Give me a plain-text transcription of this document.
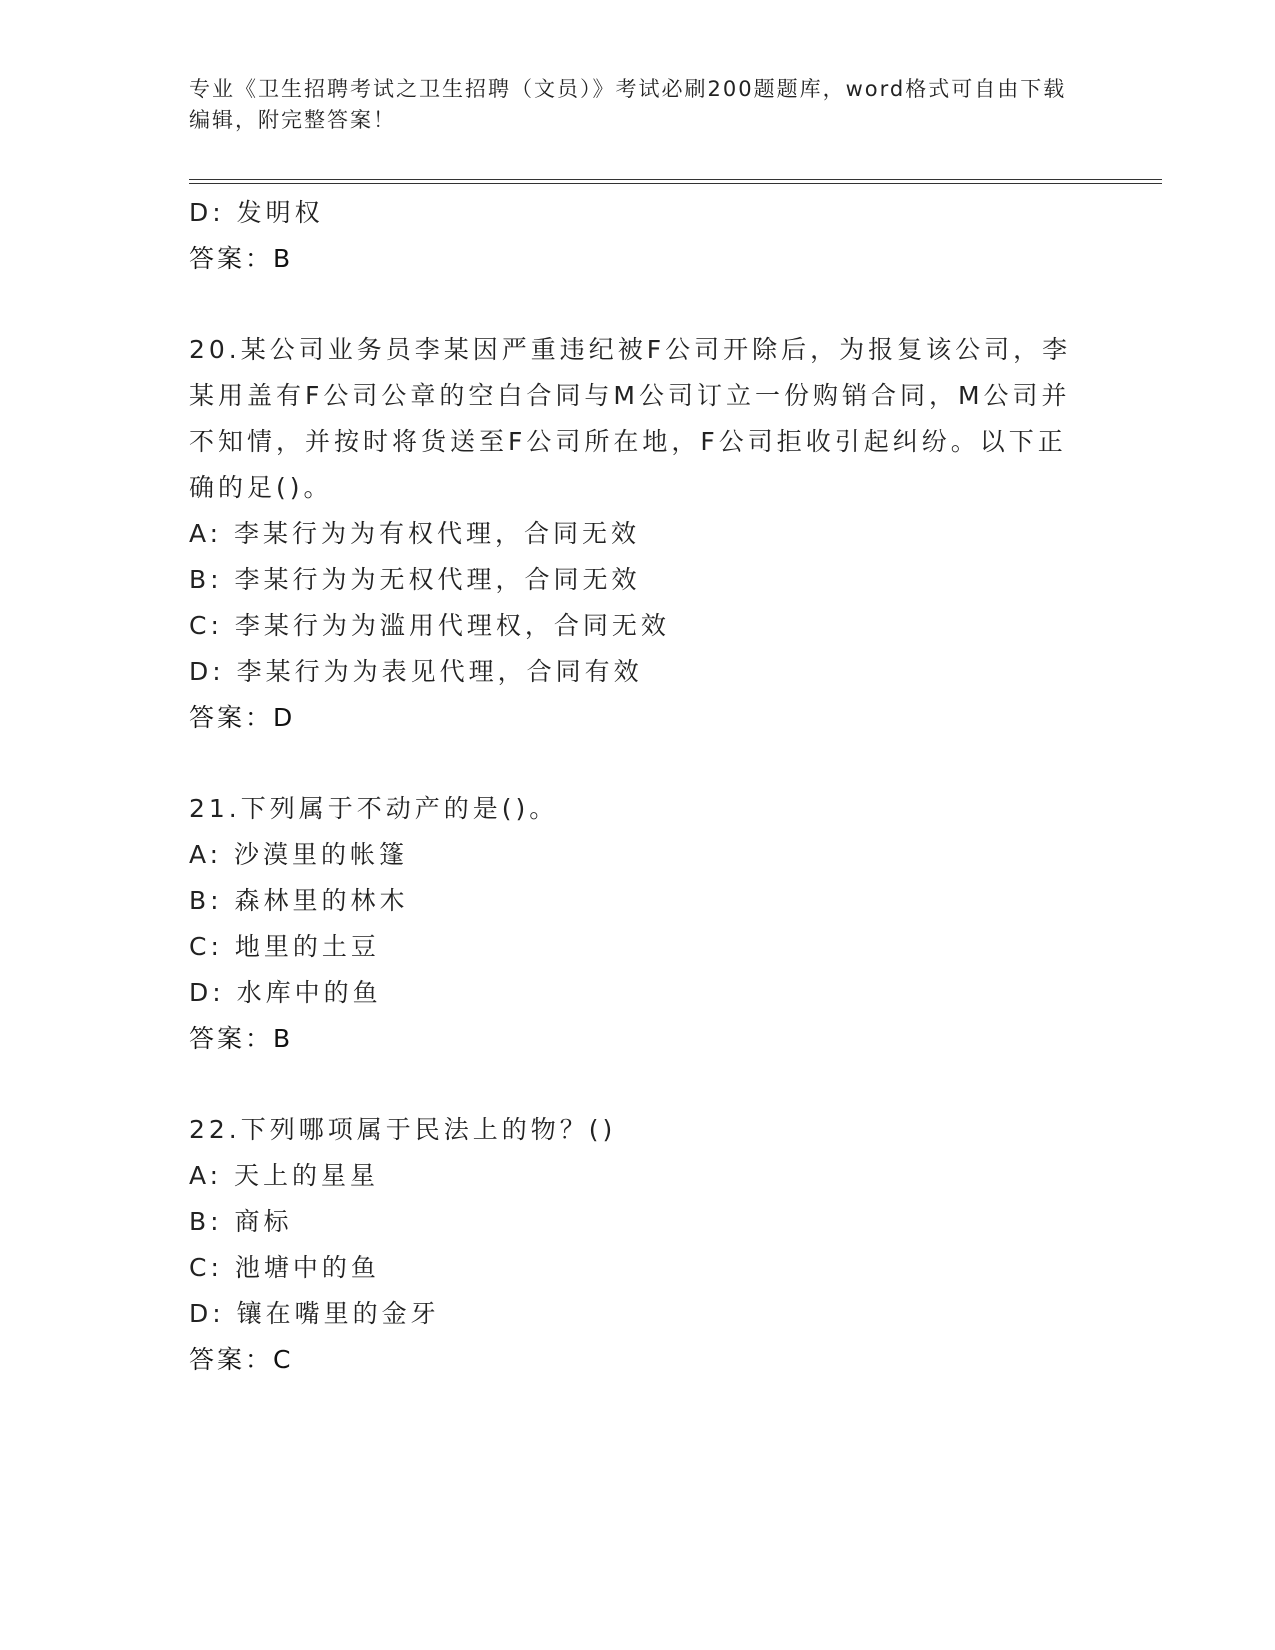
专业《卫生招聘考试之卫生招聘（文员）》考试必刷200题题库，word格式可自由下载编辑，附完整答案！
D: 发明权
答案：B
20.某公司业务员李某因严重违纪被F公司开除后，为报复该公司，李某用盖有F公司公章的空白合同与M公司订立一份购销合同，M公司并不知情，并按时将货送至F公司所在地，F公司拒收引起纠纷。以下正确的足()。
A: 李某行为为有权代理，合同无效
B: 李某行为为无权代理，合同无效
C: 李某行为为滥用代理权，合同无效
D: 李某行为为表见代理，合同有效
答案：D
21.下列属于不动产的是()。
A: 沙漠里的帐篷
B: 森林里的林木
C: 地里的土豆
D: 水库中的鱼
答案：B
22.下列哪项属于民法上的物？()
A: 天上的星星
B: 商标
C: 池塘中的鱼
D: 镶在嘴里的金牙
答案：C
